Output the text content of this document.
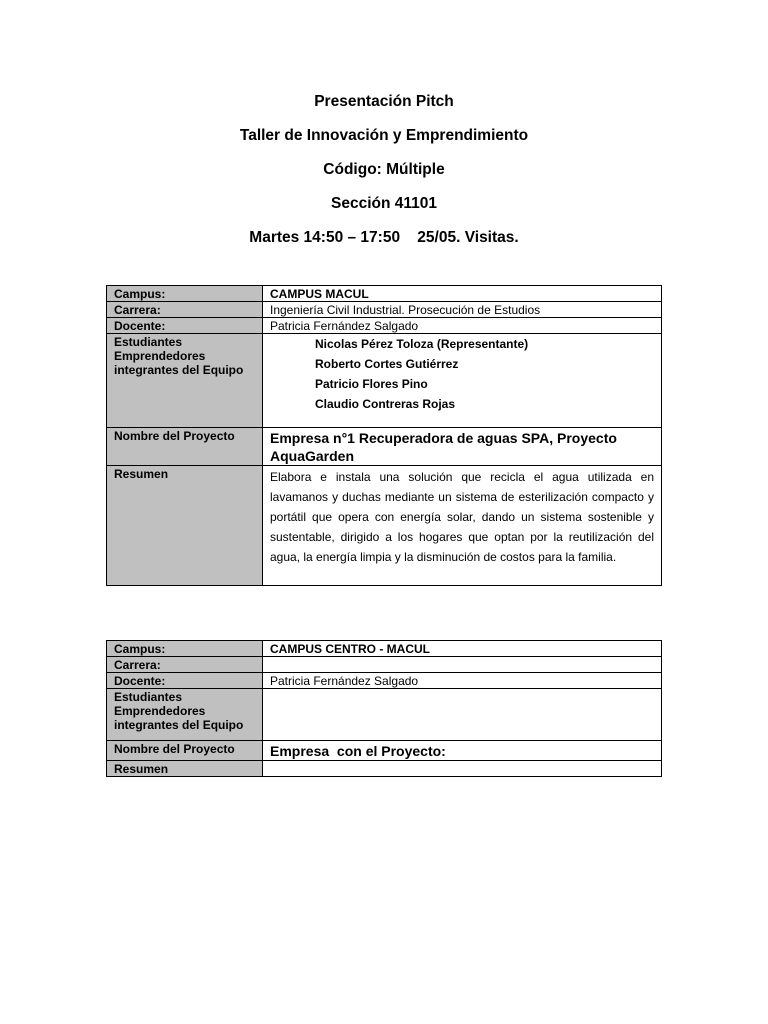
Presentación Pitch
Taller de Innovación y Emprendimiento
Código: Múltiple
Sección 41101
Martes 14:50 – 17:50    25/05. Visitas.
Campus:	CAMPUS MACUL
Carrera:	Ingeniería Civil Industrial. Prosecución de Estudios
Docente:	Patricia Fernández Salgado
Estudiantes Emprendedores integrantes del Equipo	Nicolas Pérez Toloza (Representante)
Roberto Cortes Gutiérrez
Patricio Flores Pino
Claudio Contreras Rojas

Nombre del Proyecto	Empresa n°1 Recuperadora de aguas SPA, Proyecto AquaGarden
Resumen	Elabora e instala una solución que recicla el agua utilizada en lavamanos y duchas mediante un sistema de esterilización compacto y portátil que opera con energía solar, dando un sistema sostenible y sustentable, dirigido a los hogares que optan por la reutilización del agua, la energía limpia y la disminución de costos para la familia.
Campus:	CAMPUS CENTRO - MACUL
Carrera:	
Docente:	Patricia Fernández Salgado
Estudiantes Emprendedores integrantes del Equipo	
Nombre del Proyecto	Empresa  con el Proyecto:
Resumen	
